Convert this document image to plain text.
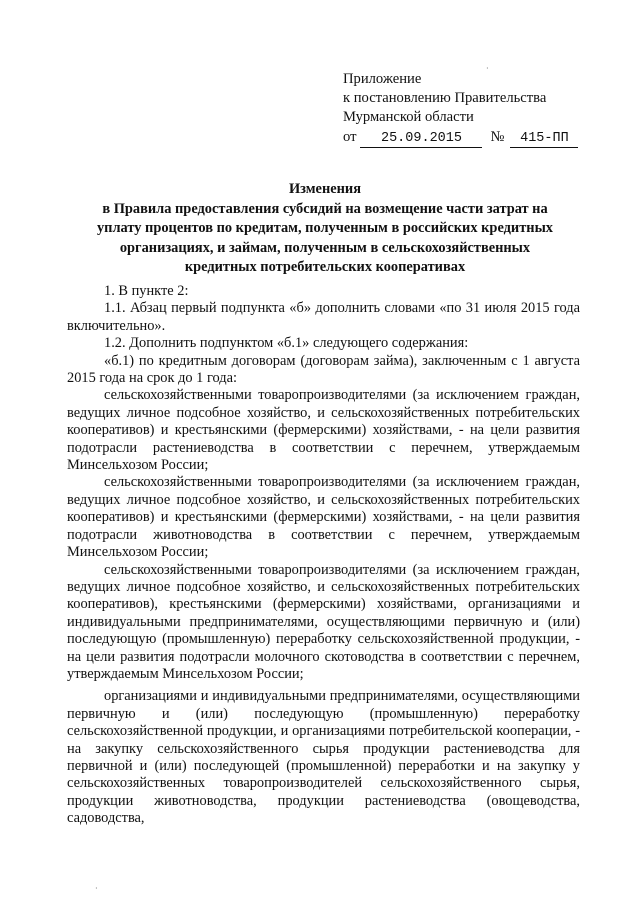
Приложение
к постановлению Правительства
Мурманской области
от 25.09.2015 № 415-ПП
Изменения
в Правила предоставления субсидий на возмещение части затрат на
уплату процентов по кредитам, полученным в российских кредитных
организациях, и займам, полученным в сельскохозяйственных
кредитных потребительских кооперативах

1. В пункте 2:

1.1. Абзац первый подпункта «б» дополнить словами «по 31 июля 2015 года включительно».

1.2. Дополнить подпунктом «б.1» следующего содержания:

«б.1) по кредитным договорам (договорам займа), заключенным с 1 августа 2015 года на срок до 1 года:

сельскохозяйственными товаропроизводителями (за исключением граждан, ведущих личное подсобное хозяйство, и сельскохозяйственных потребительских кооперативов) и крестьянскими (фермерскими) хозяйствами, - на цели развития подотрасли растениеводства в соответствии с перечнем, утверждаемым Минсельхозом России;

сельскохозяйственными товаропроизводителями (за исключением граждан, ведущих личное подсобное хозяйство, и сельскохозяйственных потребительских кооперативов) и крестьянскими (фермерскими) хозяйствами, - на цели развития подотрасли животноводства в соответствии с перечнем, утверждаемым Минсельхозом России;

сельскохозяйственными товаропроизводителями (за исключением граждан, ведущих личное подсобное хозяйство, и сельскохозяйственных потребительских кооперативов), крестьянскими (фермерскими) хозяйствами, организациями и индивидуальными предпринимателями, осуществляющими первичную и (или) последующую (промышленную) переработку сельскохозяйственной продукции, - на цели развития подотрасли молочного скотоводства в соответствии с перечнем, утверждаемым Минсельхозом России;

организациями и индивидуальными предпринимателями, осуществляющими первичную и (или) последующую (промышленную) переработку сельскохозяйственной продукции, и организациями потребительской кооперации, - на закупку сельскохозяйственного сырья продукции растениеводства для первичной и (или) последующей (промышленной) переработки и на закупку у сельскохозяйственных товаропроизводителей сельскохозяйственного сырья, продукции животноводства, продукции растениеводства (овощеводства, садоводства,

·
·
